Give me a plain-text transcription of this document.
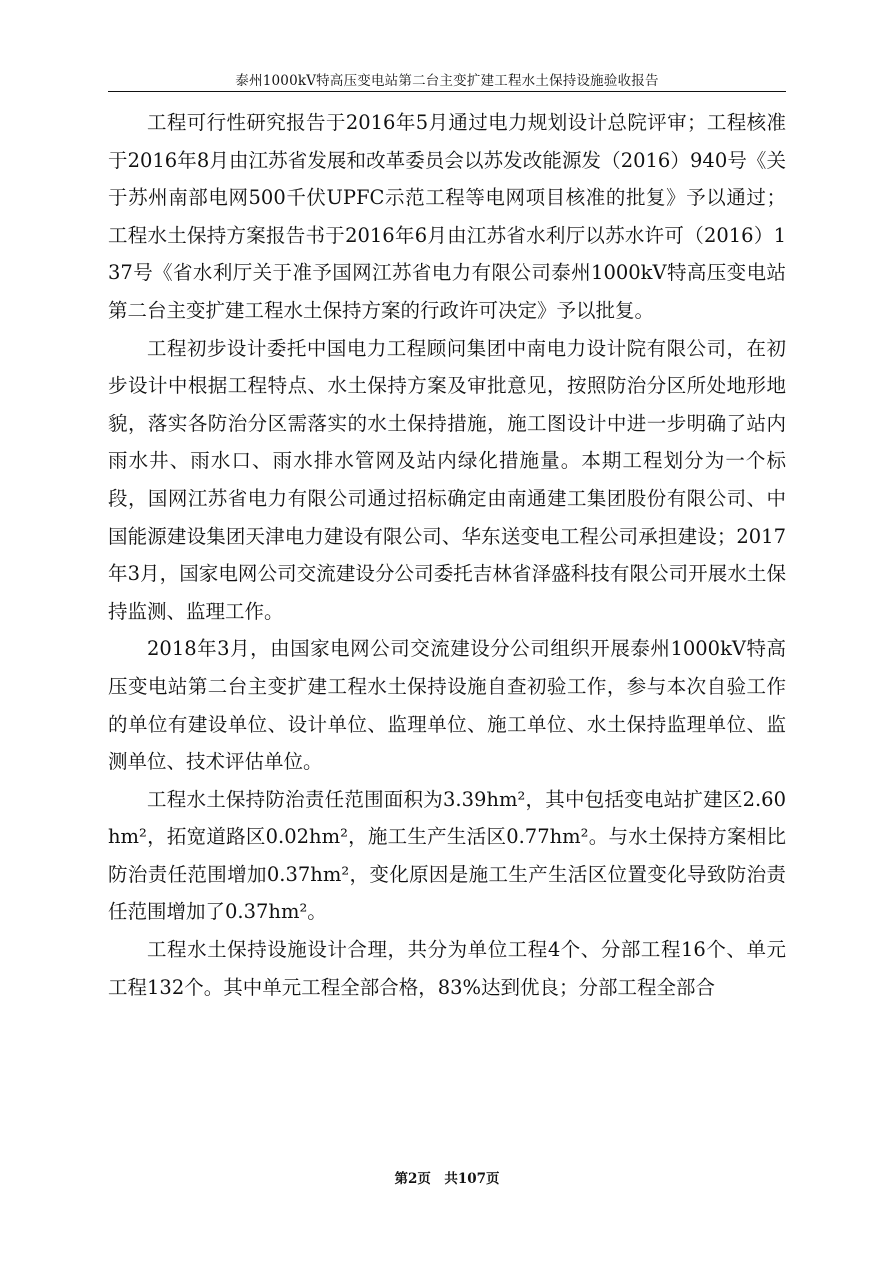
泰州1000kV特高压变电站第二台主变扩建工程水土保持设施验收报告

工程可行性研究报告于2016年5月通过电力规划设计总院评审；工程核准于2016年8月由江苏省发展和改革委员会以苏发改能源发（2016）940号《关于苏州南部电网500千伏UPFC示范工程等电网项目核准的批复》予以通过；工程水土保持方案报告书于2016年6月由江苏省水利厅以苏水许可（2016）137号《省水利厅关于准予国网江苏省电力有限公司泰州1000kV特高压变电站第二台主变扩建工程水土保持方案的行政许可决定》予以批复。

工程初步设计委托中国电力工程顾问集团中南电力设计院有限公司，在初步设计中根据工程特点、水土保持方案及审批意见，按照防治分区所处地形地貌，落实各防治分区需落实的水土保持措施，施工图设计中进一步明确了站内雨水井、雨水口、雨水排水管网及站内绿化措施量。本期工程划分为一个标段，国网江苏省电力有限公司通过招标确定由南通建工集团股份有限公司、中国能源建设集团天津电力建设有限公司、华东送变电工程公司承担建设；2017年3月，国家电网公司交流建设分公司委托吉林省泽盛科技有限公司开展水土保持监测、监理工作。

2018年3月，由国家电网公司交流建设分公司组织开展泰州1000kV特高压变电站第二台主变扩建工程水土保持设施自查初验工作，参与本次自验工作的单位有建设单位、设计单位、监理单位、施工单位、水土保持监理单位、监测单位、技术评估单位。

工程水土保持防治责任范围面积为3.39hm²，其中包括变电站扩建区2.60hm²，拓宽道路区0.02hm²，施工生产生活区0.77hm²。与水土保持方案相比防治责任范围增加0.37hm²，变化原因是施工生产生活区位置变化导致防治责任范围增加了0.37hm²。

工程水土保持设施设计合理，共分为单位工程4个、分部工程16个、单元工程132个。其中单元工程全部合格，83%达到优良；分部工程全部合

第2页　共107页
